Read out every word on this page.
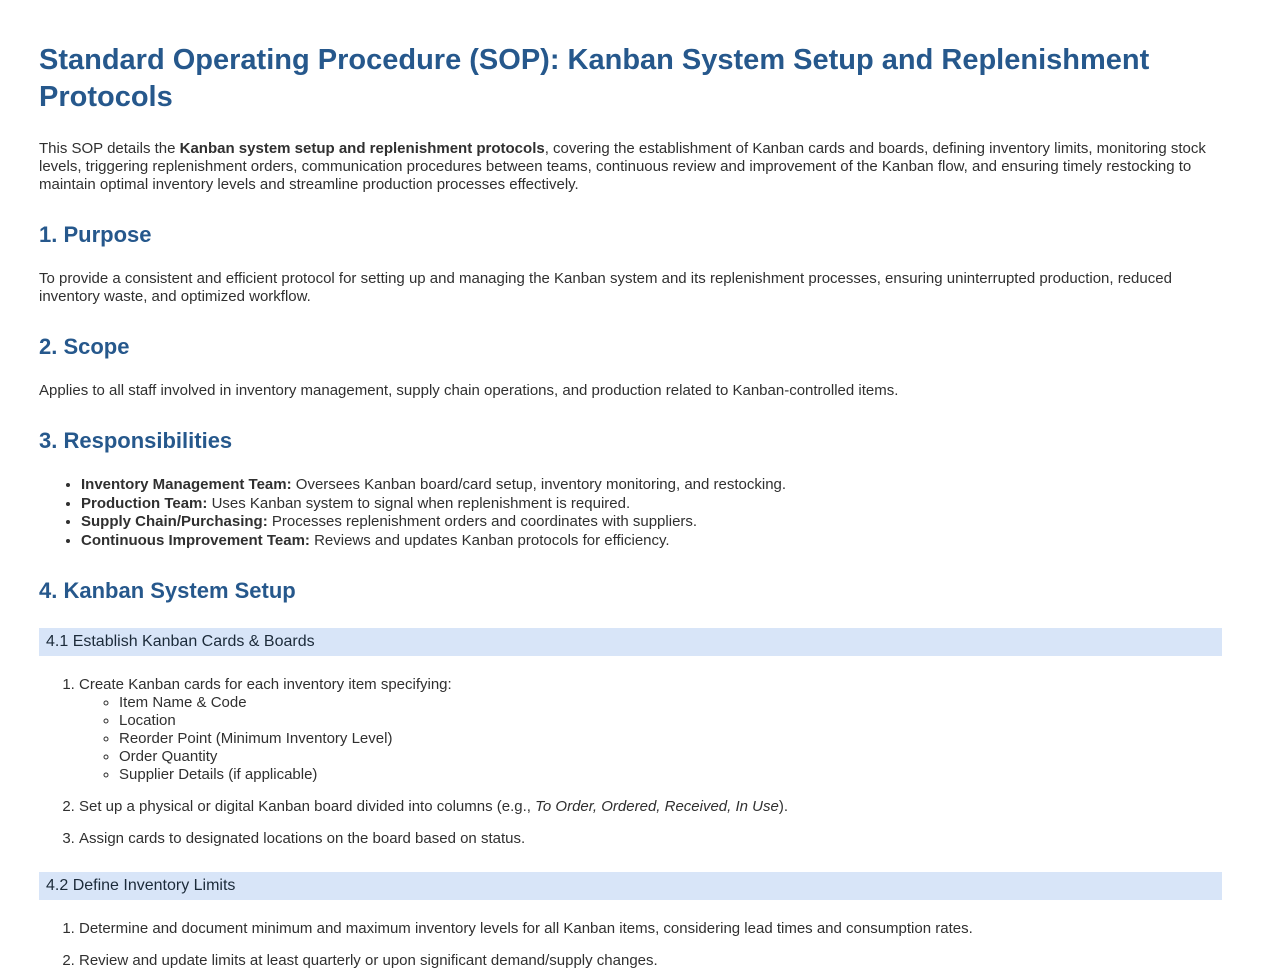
Standard Operating Procedure (SOP): Kanban System Setup and Replenishment Protocols

This SOP details the Kanban system setup and replenishment protocols, covering the establishment of Kanban cards and boards, defining inventory limits, monitoring stock levels, triggering replenishment orders, communication procedures between teams, continuous review and improvement of the Kanban flow, and ensuring timely restocking to maintain optimal inventory levels and streamline production processes effectively.

1. Purpose

To provide a consistent and efficient protocol for setting up and managing the Kanban system and its replenishment processes, ensuring uninterrupted production, reduced inventory waste, and optimized workflow.

2. Scope

Applies to all staff involved in inventory management, supply chain operations, and production related to Kanban-controlled items.

3. Responsibilities
• Inventory Management Team: Oversees Kanban board/card setup, inventory monitoring, and restocking.
• Production Team: Uses Kanban system to signal when replenishment is required.
• Supply Chain/Purchasing: Processes replenishment orders and coordinates with suppliers.
• Continuous Improvement Team: Reviews and updates Kanban protocols for efficiency.
4. Kanban System Setup
4.1 Establish Kanban Cards & Boards
1. Create Kanban cards for each inventory item specifying:
◦ Item Name & Code
◦ Location
◦ Reorder Point (Minimum Inventory Level)
◦ Order Quantity
◦ Supplier Details (if applicable)
2. Set up a physical or digital Kanban board divided into columns (e.g., To Order, Ordered, Received, In Use).
3. Assign cards to designated locations on the board based on status.
4.2 Define Inventory Limits
1. Determine and document minimum and maximum inventory levels for all Kanban items, considering lead times and consumption rates.
2. Review and update limits at least quarterly or upon significant demand/supply changes.
